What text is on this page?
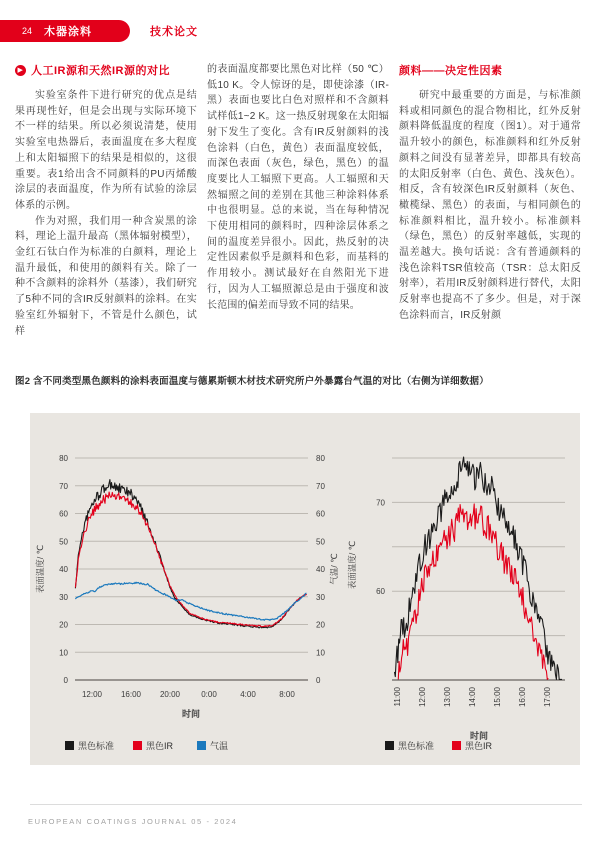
24 木器涂料	技术论文
▶ 人工IR源和天然IR源的对比

实验室条件下进行研究的优点是结果再现性好，但是会出现与实际环境下不一样的结果。所以必须说清楚，使用实验室电热器后，表面温度在多大程度上和太阳辐照下的结果是相似的，这很重要。表1给出含不同颜料的PU丙烯酸涂层的表面温度，作为所有试验的涂层体系的示例。

作为对照，我们用一种含炭黑的涂料，理论上温升最高（黑体辐射模型），金红石钛白作为标准的白颜料，理论上温升最低，和使用的颜料有关。除了一种不含颜料的涂料外（基漆），我们研究了5种不同的含IR反射颜料的涂料。在实验室红外辐射下，不管是什么颜色，试样

的表面温度都要比黑色对比样（50 ℃）低10 K。令人惊讶的是，即使涂漆（IR-黑）表面也要比白色对照样和不含颜料试样低1~2 K。这一热反射现象在太阳辐射下发生了变化。含有IR反射颜料的浅色涂料（白色，黄色）表面温度较低，而深色表面（灰色，绿色，黑色）的温度要比人工辐照下更高。人工辐照和天然辐照之间的差别在其他三种涂料体系中也很明显。总的来说，当在每种情况下使用相同的颜料时，四种涂层体系之间的温度差异很小。因此，热反射的决定性因素似乎是颜料和色彩，而基料的作用较小。测试最好在自然阳光下进行，因为人工辐照源总是由于强度和波长范围的偏差而导致不同的结果。

颜料——决定性因素

研究中最重要的方面是，与标准颜料或相同颜色的混合物相比，红外反射颜料降低温度的程度（图1）。对于通常温升较小的颜色，标准颜料和红外反射颜料之间没有显著差异，即都具有较高的太阳反射率（白色、黄色、浅灰色）。相反，含有较深色IR反射颜料（灰色、橄榄绿、黑色）的表面，与相同颜色的标准颜料相比，温升较小。标准颜料（绿色，黑色）的反射率越低，实现的温差越大。换句话说：含有普通颜料的浅色涂料TSR值较高（TSR：总太阳反射率），若用IR反射颜料进行替代，太阳反射率也提高不了多少。但是，对于深色涂料而言，IR反射颜

图2 含不同类型黑色颜料的涂料表面温度与德累斯顿木材技术研究所户外暴露台气温的对比（右侧为详细数据）
0	0
10	10
20	20
30	30
40	40
50	50
60	60
70	70
80	80
12:00 16:00 20:00	0:00	4:00	8:00
表面温度/ ℃	气温/ ℃
时间
黑色标准	黑色IR	气温
60
70
11:00 12:00 13:00 14:00 15:00 16:00 17:00
表面温度/ ℃
时间
黑色标准	黑色IR
EUROPEAN COATINGS JOURNAL 05 - 2024
